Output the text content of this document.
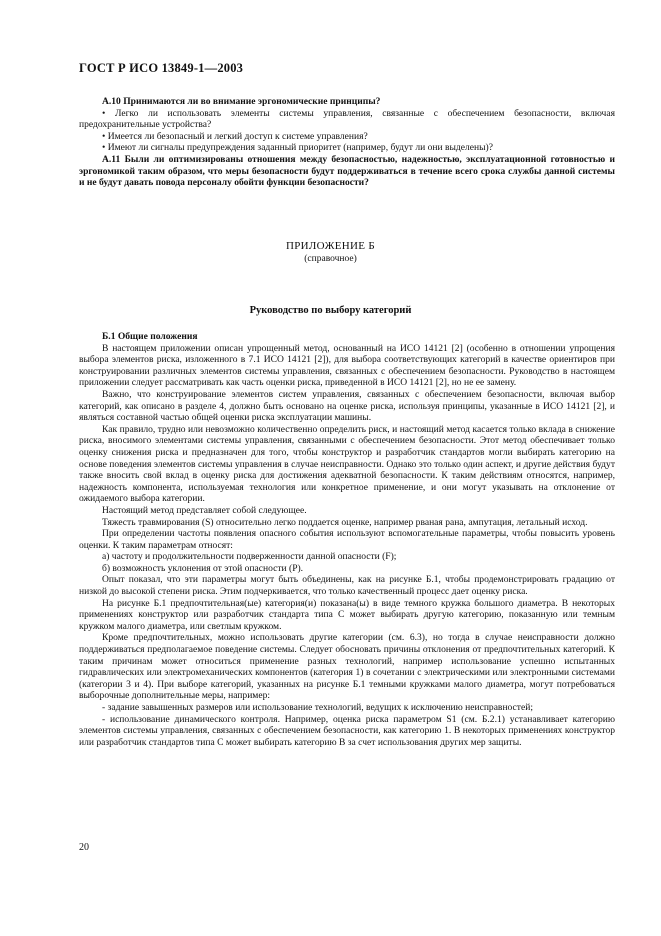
ГОСТ Р ИСО 13849-1—2003

А.10 Принимаются ли во внимание эргономические принципы?

• Легко ли использовать элементы системы управления, связанные с обеспечением безопасности, включая предохранительные устройства?

• Имеется ли безопасный и легкий доступ к системе управления?

• Имеют ли сигналы предупреждения заданный приоритет (например, будут ли они выделены)?

А.11 Были ли оптимизированы отношения между безопасностью, надежностью, эксплуатационной готовностью и эргономикой таким образом, что меры безопасности будут поддерживаться в течение всего срока службы данной системы и не будут давать повода персоналу обойти функции безопасности?

ПРИЛОЖЕНИЕ Б
(справочное)
Руководство по выбору категорий

Б.1 Общие положения

В настоящем приложении описан упрощенный метод, основанный на ИСО 14121 [2] (особенно в отношении упрощения выбора элементов риска, изложенного в 7.1 ИСО 14121 [2]), для выбора соответствующих категорий в качестве ориентиров при конструировании различных элементов системы управления, связанных с обеспечением безопасности. Руководство в настоящем приложении следует рассматривать как часть оценки риска, приведенной в ИСО 14121 [2], но не ее замену.

Важно, что конструирование элементов систем управления, связанных с обеспечением безопасности, включая выбор категорий, как описано в разделе 4, должно быть основано на оценке риска, используя принципы, указанные в ИСО 14121 [2], и являться составной частью общей оценки риска эксплуатации машины.

Как правило, трудно или невозможно количественно определить риск, и настоящий метод касается только вклада в снижение риска, вносимого элементами системы управления, связанными с обеспечением безопасности. Этот метод обеспечивает только оценку снижения риска и предназначен для того, чтобы конструктор и разработчик стандартов могли выбирать категорию на основе поведения элементов системы управления в случае неисправности. Однако это только один аспект, и другие действия будут также вносить свой вклад в оценку риска для достижения адекватной безопасности. К таким действиям относятся, например, надежность компонента, используемая технология или конкретное применение, и они могут указывать на отклонение от ожидаемого выбора категории.

Настоящий метод представляет собой следующее.

Тяжесть травмирования (S) относительно легко поддается оценке, например рваная рана, ампутация, летальный исход.

При определении частоты появления опасного события используют вспомогательные параметры, чтобы повысить уровень оценки. К таким параметрам относят:

а) частоту и продолжительности подверженности данной опасности (F);

б) возможность уклонения от этой опасности (P).

Опыт показал, что эти параметры могут быть объединены, как на рисунке Б.1, чтобы продемонстрировать градацию от низкой до высокой степени риска. Этим подчеркивается, что только качественный процесс дает оценку риска.

На рисунке Б.1 предпочтительная(ые) категория(и) показана(ы) в виде темного кружка большого диаметра. В некоторых применениях конструктор или разработчик стандарта типа С может выбирать другую категорию, показанную или темным кружком малого диаметра, или светлым кружком.

Кроме предпочтительных, можно использовать другие категории (см. 6.3), но тогда в случае неисправности должно поддерживаться предполагаемое поведение системы. Следует обосновать причины отклонения от предпочтительных категорий. К таким причинам может относиться применение разных технологий, например использование успешно испытанных гидравлических или электромеханических компонентов (категория 1) в сочетании с электрическими или электронными системами (категории 3 и 4). При выборе категорий, указанных на рисунке Б.1 темными кружками малого диаметра, могут потребоваться выборочные дополнительные меры, например:

- задание завышенных размеров или использование технологий, ведущих к исключению неисправностей;

- использование динамического контроля. Например, оценка риска параметром S1 (см. Б.2.1) устанавливает категорию элементов системы управления, связанных с обеспечением безопасности, как категорию 1. В некоторых применениях конструктор или разработчик стандартов типа С может выбирать категорию В за счет использования других мер защиты.

20
